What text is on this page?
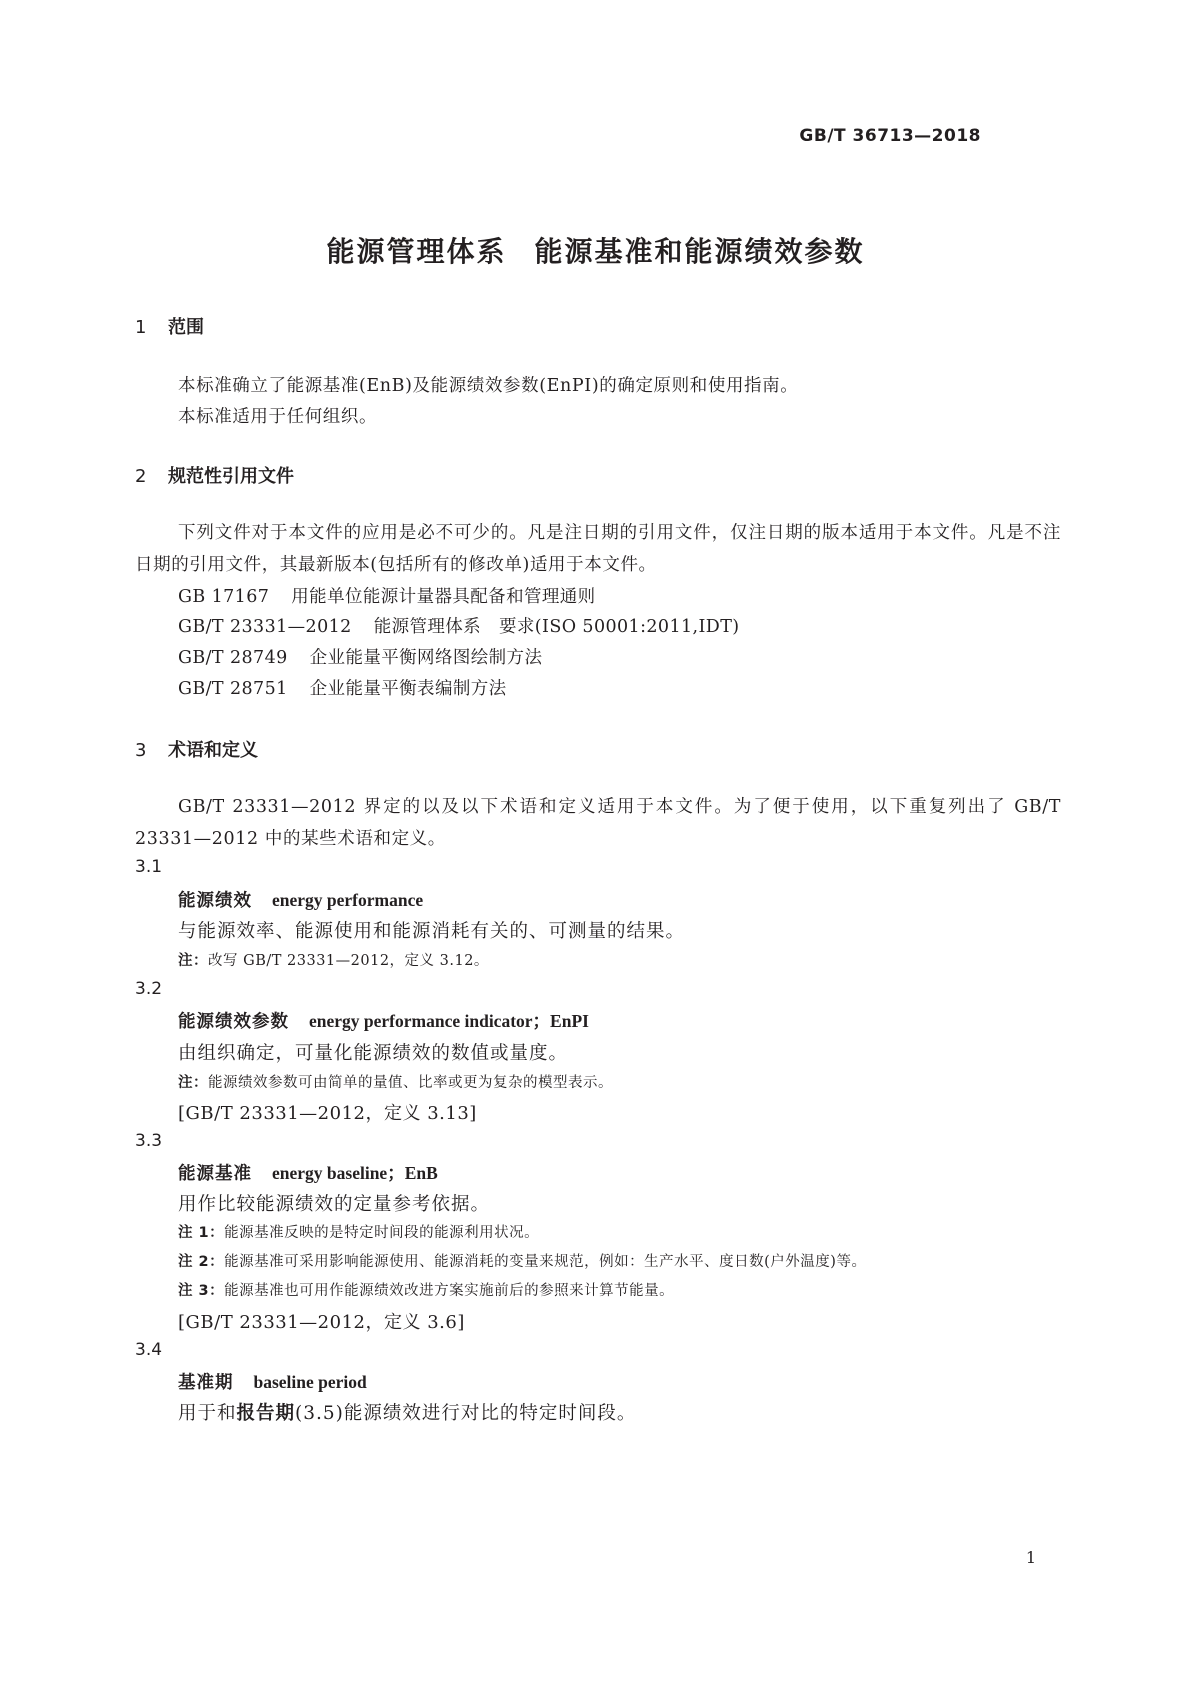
GB/T 36713—2018
能源管理体系 能源基准和能源绩效参数
1 范围
本标准确立了能源基准(EnB)及能源绩效参数(EnPI)的确定原则和使用指南。
本标准适用于任何组织。
2 规范性引用文件
下列文件对于本文件的应用是必不可少的。凡是注日期的引用文件，仅注日期的版本适用于本文件。凡是不注日期的引用文件，其最新版本(包括所有的修改单)适用于本文件。
GB 17167 用能单位能源计量器具配备和管理通则
GB/T 23331—2012 能源管理体系　要求(ISO 50001:2011,IDT)
GB/T 28749 企业能量平衡网络图绘制方法
GB/T 28751 企业能量平衡表编制方法
3 术语和定义
GB/T 23331—2012 界定的以及以下术语和定义适用于本文件。为了便于使用，以下重复列出了 GB/T 23331—2012 中的某些术语和定义。
3.1
能源绩效 energy performance
与能源效率、能源使用和能源消耗有关的、可测量的结果。
注：改写 GB/T 23331—2012，定义 3.12。
3.2
能源绩效参数 energy performance indicator；EnPI
由组织确定，可量化能源绩效的数值或量度。
注：能源绩效参数可由简单的量值、比率或更为复杂的模型表示。
[GB/T 23331—2012，定义 3.13]
3.3
能源基准 energy baseline；EnB
用作比较能源绩效的定量参考依据。
注 1：能源基准反映的是特定时间段的能源利用状况。
注 2：能源基准可采用影响能源使用、能源消耗的变量来规范，例如：生产水平、度日数(户外温度)等。
注 3：能源基准也可用作能源绩效改进方案实施前后的参照来计算节能量。
[GB/T 23331—2012，定义 3.6]
3.4
基准期 baseline period
用于和报告期(3.5)能源绩效进行对比的特定时间段。
1
